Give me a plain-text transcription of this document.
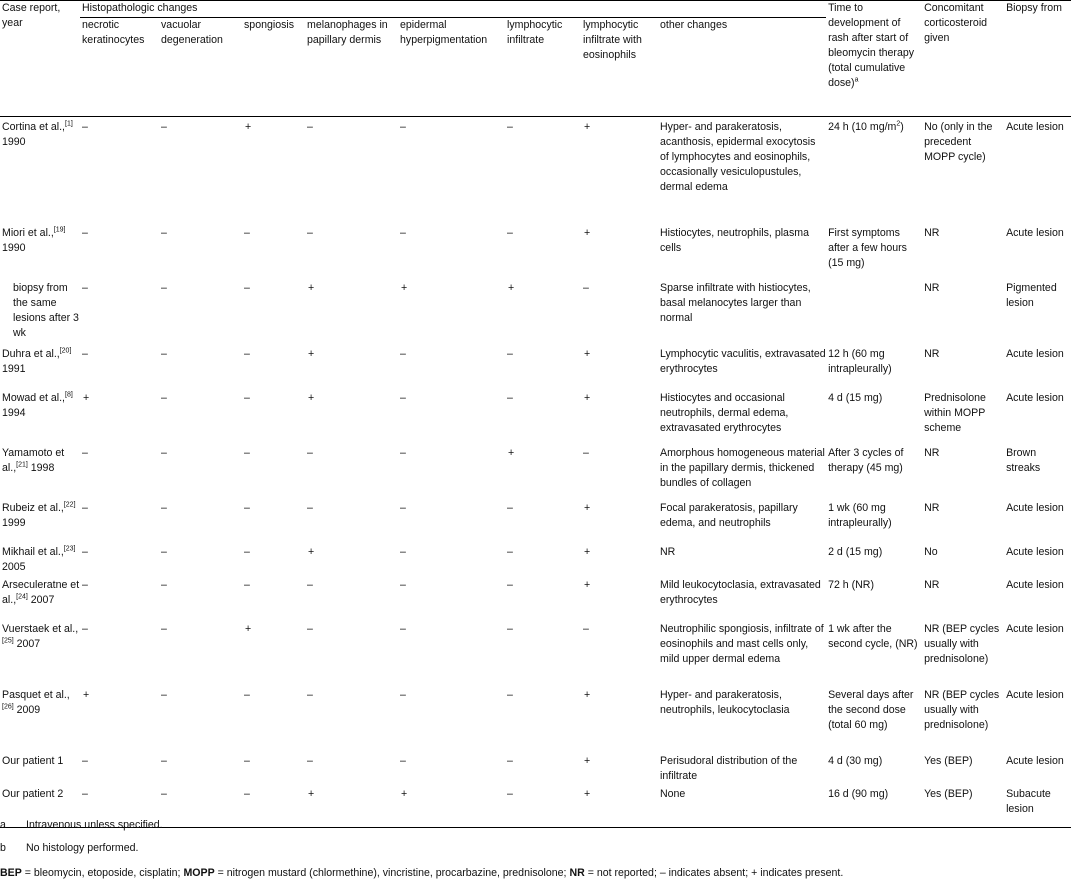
Case report, year	Histopathologic changes								Time to development of rash after start of bleomycin therapy (total cumulative dose)$^a$	Concomitant corticosteroid given	Biopsy from
	necrotic keratinocytes	vacuolar degeneration	spongiosis	melanophages in papillary dermis	epidermal hyperpigmentation	lymphocytic infiltrate	lymphocytic infiltrate with eosinophils	other changes			
Cortina et al.,[1] 1990	–	–	+	–	–	–	+	Hyper- and parakeratosis, acanthosis, epidermal exocytosis of lymphocytes and eosinophils, occasionally vesiculopustules, dermal edema	24 h (10 $mg/m^2$)	No (only in the precedent MOPP cycle)	Acute lesion
Miori et al.,[19] 1990	–	–	–	–	–	–	+	Histiocytes, neutrophils, plasma cells	First symptoms after a few hours (15 mg)	NR	Acute lesion
biopsy from the same lesions after 3 wk	–	–	–	+	+	+	–	Sparse infiltrate with histiocytes, basal melanocytes larger than normal		NR	Pigmented lesion
Duhra et al.,[20] 1991	–	–	–	+	–	–	+	Lymphocytic vaculitis, extravasated erythrocytes	12 h (60 mg intrapleurally)	NR	Acute lesion
Mowad et al.,[8] 1994	+	–	–	+	–	–	+	Histiocytes and occasional neutrophils, dermal edema, extravasated erythrocytes	4 d (15 mg)	Prednisolone within MOPP scheme	Acute lesion
Yamamoto et al.,[21] 1998	–	–	–	–	–	+	–	Amorphous homogeneous material in the papillary dermis, thickened bundles of collagen	After 3 cycles of therapy (45 mg)	NR	Brown streaks
Rubeiz et al.,[22] 1999	–	–	–	–	–	–	+	Focal parakeratosis, papillary edema, and neutrophils	1 wk (60 mg intrapleurally)	NR	Acute lesion
Mikhail et al.,[23] 2005	–	–	–	+	–	–	+	NR	2 d (15 mg)	No	Acute lesion
Arseculeratne et al.,[24] 2007	–	–	–	–	–	–	+	Mild leukocytoclasia, extravasated erythrocytes	72 h (NR)	NR	Acute lesion
Vuerstaek et al.,[25] 2007	–	–	+	–	–	–	–	Neutrophilic spongiosis, infiltrate of eosinophils and mast cells only, mild upper dermal edema	1 wk after the second cycle, (NR)	NR (BEP cycles usually with prednisolone)	Acute lesion
Pasquet et al.,[26] 2009	+	–	–	–	–	–	+	Hyper- and parakeratosis, neutrophils, leukocytoclasia	Several days after the second dose (total 60 mg)	NR (BEP cycles usually with prednisolone)	Acute lesion
Our patient 1	–	–	–	–	–	–	+	Perisudoral distribution of the infiltrate	4 d (30 mg)	Yes (BEP)	Acute lesion
Our patient 2	–	–	–	+	+	–	+	None	16 d (90 mg)	Yes (BEP)	Subacute lesion
a	Intravenous unless specified.
b	No histology performed.
BEP = bleomycin, etoposide, cisplatin; MOPP = nitrogen mustard (chlormethine), vincristine, procarbazine, prednisolone; NR = not reported; – indicates absent; + indicates present.
